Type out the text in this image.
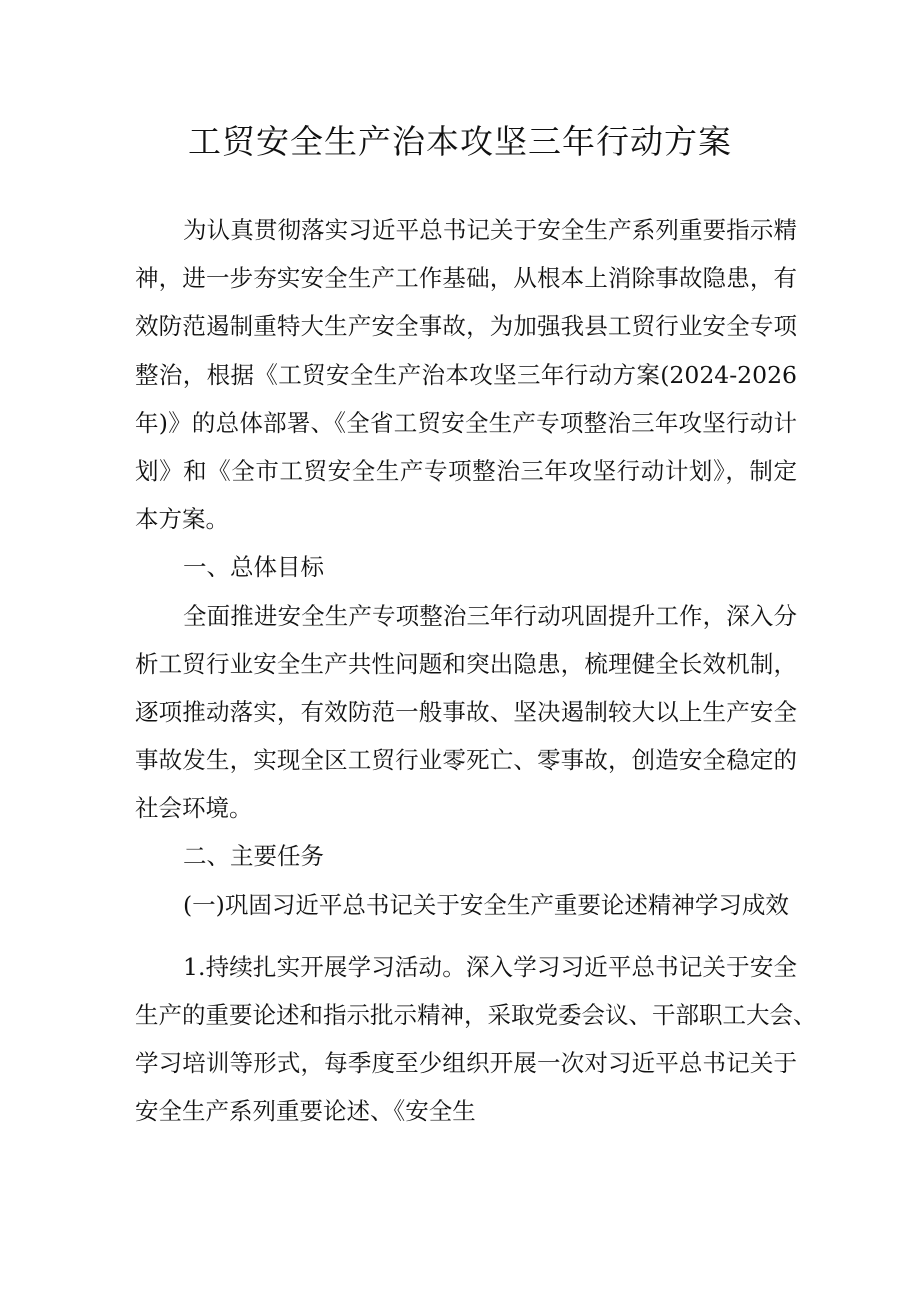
工贸安全生产治本攻坚三年行动方案
为认真贯彻落实习近平总书记关于安全生产系列重要指示精
神，进一步夯实安全生产工作基础，从根本上消除事故隐患，有
效防范遏制重特大生产安全事故，为加强我县工贸行业安全专项
整治，根据《工贸安全生产治本攻坚三年行动方案(2024-2026
年)》的总体部署、《全省工贸安全生产专项整治三年攻坚行动计
划》和《全市工贸安全生产专项整治三年攻坚行动计划》，制定
本方案。
一、总体目标
全面推进安全生产专项整治三年行动巩固提升工作，深入分
析工贸行业安全生产共性问题和突出隐患，梳理健全长效机制，
逐项推动落实，有效防范一般事故、坚决遏制较大以上生产安全
事故发生，实现全区工贸行业零死亡、零事故，创造安全稳定的
社会环境。
二、主要任务
(一)巩固习近平总书记关于安全生产重要论述精神学习成效
1.持续扎实开展学习活动。深入学习习近平总书记关于安全
生产的重要论述和指示批示精神，采取党委会议、干部职工大会、
学习培训等形式，每季度至少组织开展一次对习近平总书记关于
安全生产系列重要论述、《安全生
